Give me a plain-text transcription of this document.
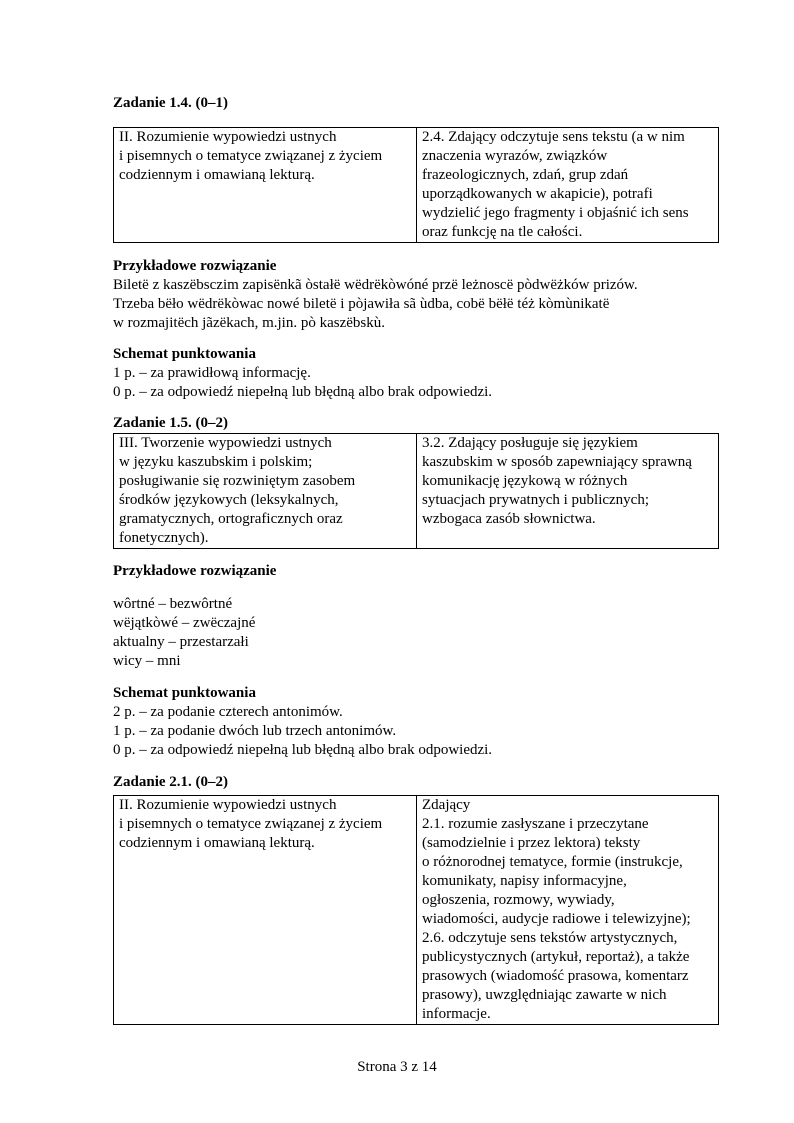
Zadanie 1.4. (0–1)
II. Rozumienie wypowiedzi ustnych
i pisemnych o tematyce związanej z życiem
codziennym i omawianą lekturą.

2.4. Zdający odczytuje sens tekstu (a w nim
znaczenia wyrazów, związków
frazeologicznych, zdań, grup zdań
uporządkowanych w akapicie), potrafi
wydzielić jego fragmenty i objaśnić ich sens
oraz funkcję na tle całości.
Przykładowe rozwiązanie
Biletë z kaszëbsczim zapisënkã òstałë wëdrëkòwóné przë leżnoscë pòdwëżków prizów.
Trzeba bëło wëdrëkòwac nowé biletë i pòjawiła sã ùdba, cobë bëłë téż kòmùnikatë
w rozmajitëch jãzëkach, m.jin. pò kaszëbskù.
Schemat punktowania
1 p. – za prawidłową informację.
0 p. – za odpowiedź niepełną lub błędną albo brak odpowiedzi.
Zadanie 1.5. (0–2)
III. Tworzenie wypowiedzi ustnych
w języku kaszubskim i polskim;
posługiwanie się rozwiniętym zasobem
środków językowych (leksykalnych,
gramatycznych, ortograficznych oraz
fonetycznych).

3.2. Zdający posługuje się językiem
kaszubskim w sposób zapewniający sprawną
komunikację językową w różnych
sytuacjach prywatnych i publicznych;
wzbogaca zasób słownictwa.
Przykładowe rozwiązanie
wôrtné – bezwôrtné
wëjątkòwé – zwëczajné
aktualny – przestarzałi
wicy – mni
Schemat punktowania
2 p. – za podanie czterech antonimów.
1 p. – za podanie dwóch lub trzech antonimów.
0 p. – za odpowiedź niepełną lub błędną albo brak odpowiedzi.
Zadanie 2.1. (0–2)
II. Rozumienie wypowiedzi ustnych
i pisemnych o tematyce związanej z życiem
codziennym i omawianą lekturą.

Zdający
2.1. rozumie zasłyszane i przeczytane
(samodzielnie i przez lektora) teksty
o różnorodnej tematyce, formie (instrukcje,
komunikaty, napisy informacyjne,
ogłoszenia, rozmowy, wywiady,
wiadomości, audycje radiowe i telewizyjne);
2.6. odczytuje sens tekstów artystycznych,
publicystycznych (artykuł, reportaż), a także
prasowych (wiadomość prasowa, komentarz
prasowy), uwzględniając zawarte w nich
informacje.
Strona 3 z 14
